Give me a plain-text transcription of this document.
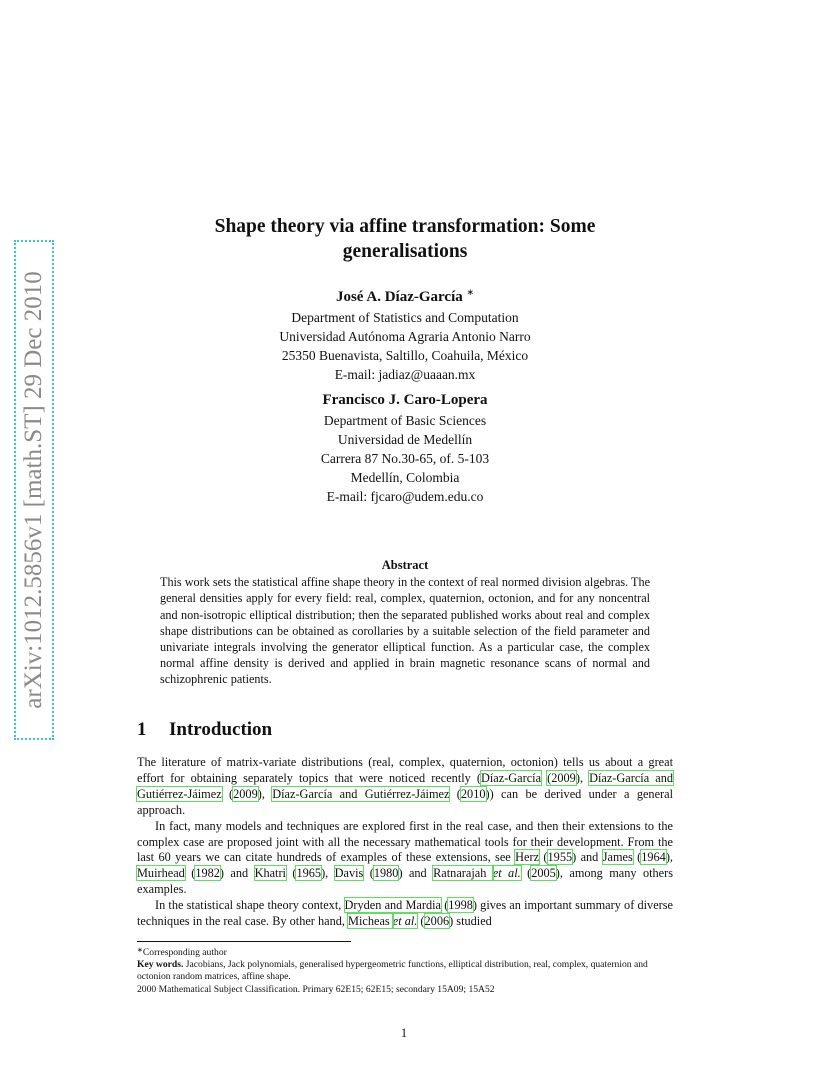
arXiv:1012.5856v1 [math.ST] 29 Dec 2010
Shape theory via affine transformation: Some generalisations
José A. Díaz-García ∗
Department of Statistics and Computation
Universidad Autónoma Agraria Antonio Narro
25350 Buenavista, Saltillo, Coahuila, México
E-mail: jadiaz@uaaan.mx
Francisco J. Caro-Lopera
Department of Basic Sciences
Universidad de Medellín
Carrera 87 No.30-65, of. 5-103
Medellín, Colombia
E-mail: fjcaro@udem.edu.co
Abstract

This work sets the statistical affine shape theory in the context of real normed division algebras. The general densities apply for every field: real, complex, quaternion, octonion, and for any noncentral and non-isotropic elliptical distribution; then the separated published works about real and complex shape distributions can be obtained as corollaries by a suitable selection of the field parameter and univariate integrals involving the generator elliptical function. As a particular case, the complex normal affine density is derived and applied in brain magnetic resonance scans of normal and schizophrenic patients.

1 Introduction

The literature of matrix-variate distributions (real, complex, quaternion, octonion) tells us about a great effort for obtaining separately topics that were noticed recently (Díaz-García (2009), Díaz-García and Gutiérrez-Jáimez (2009), Díaz-García and Gutiérrez-Jáimez (2010)) can be derived under a general approach.

In fact, many models and techniques are explored first in the real case, and then their extensions to the complex case are proposed joint with all the necessary mathematical tools for their development. From the last 60 years we can citate hundreds of examples of these extensions, see Herz (1955) and James (1964), Muirhead (1982) and Khatri (1965), Davis (1980) and Ratnarajah et al. (2005), among many others examples.

In the statistical shape theory context, Dryden and Mardia (1998) gives an important summary of diverse techniques in the real case. By other hand, Micheas et al. (2006) studied

∗Corresponding author

Key words. Jacobians, Jack polynomials, generalised hypergeometric functions, elliptical distribution, real, complex, quaternion and octonion random matrices, affine shape.

2000 Mathematical Subject Classification. Primary 62E15; 62E15; secondary 15A09; 15A52

1
